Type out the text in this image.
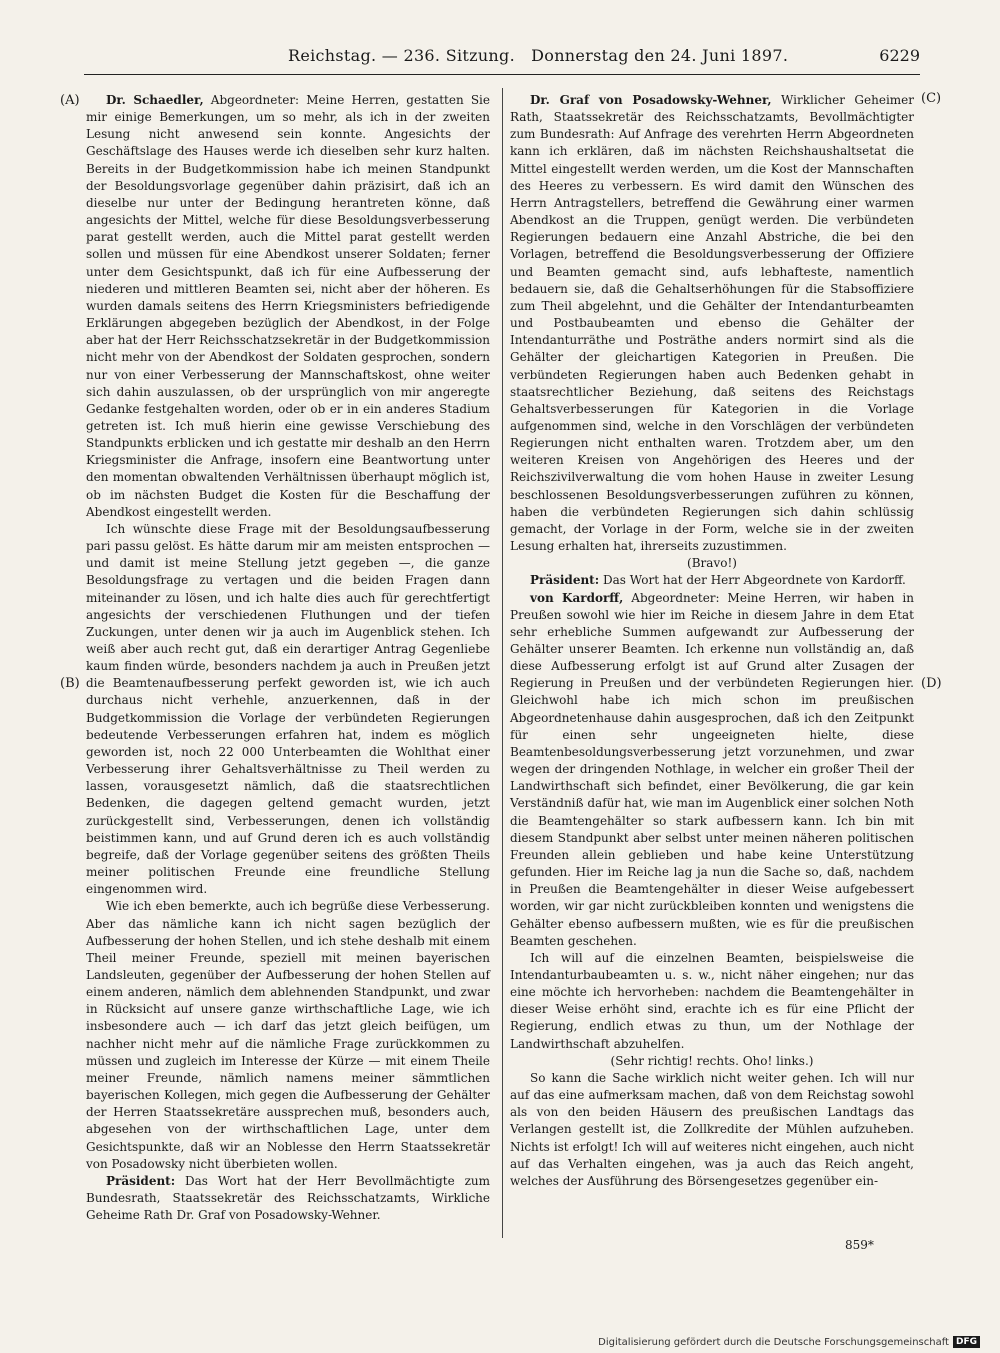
Reichstag. — 236. Sitzung. Donnerstag den 24. Juni 1897.	6229
(A)
(B)
(C)
(D)

Dr. Schaedler, Abgeordneter: Meine Herren, gestatten Sie mir einige Bemerkungen, um so mehr, als ich in der zweiten Lesung nicht anwesend sein konnte. Angesichts der Geschäftslage des Hauses werde ich dieselben sehr kurz halten. Bereits in der Budgetkommission habe ich meinen Standpunkt der Besoldungsvorlage gegenüber dahin präzisirt, daß ich an dieselbe nur unter der Bedingung herantreten könne, daß angesichts der Mittel, welche für diese Besoldungsverbesserung parat gestellt werden, auch die Mittel parat gestellt werden sollen und müssen für eine Abendkost unserer Soldaten; ferner unter dem Gesichtspunkt, daß ich für eine Aufbesserung der niederen und mittleren Beamten sei, nicht aber der höheren. Es wurden damals seitens des Herrn Kriegsministers befriedigende Erklärungen abgegeben bezüglich der Abendkost, in der Folge aber hat der Herr Reichsschatzsekretär in der Budgetkommission nicht mehr von der Abendkost der Soldaten gesprochen, sondern nur von einer Verbesserung der Mannschaftskost, ohne weiter sich dahin auszulassen, ob der ursprünglich von mir angeregte Gedanke festgehalten worden, oder ob er in ein anderes Stadium getreten ist. Ich muß hierin eine gewisse Verschiebung des Standpunkts erblicken und ich gestatte mir deshalb an den Herrn Kriegsminister die Anfrage, insofern eine Beantwortung unter den momentan obwaltenden Verhältnissen überhaupt möglich ist, ob im nächsten Budget die Kosten für die Beschaffung der Abendkost eingestellt werden.

Ich wünschte diese Frage mit der Besoldungsaufbesserung pari passu gelöst. Es hätte darum mir am meisten entsprochen — und damit ist meine Stellung jetzt gegeben —, die ganze Besoldungsfrage zu vertagen und die beiden Fragen dann miteinander zu lösen, und ich halte dies auch für gerechtfertigt angesichts der verschiedenen Fluthungen und der tiefen Zuckungen, unter denen wir ja auch im Augenblick stehen. Ich weiß aber auch recht gut, daß ein derartiger Antrag Gegenliebe kaum finden würde, besonders nachdem ja auch in Preußen jetzt die Beamtenaufbesserung perfekt geworden ist, wie ich auch durchaus nicht verhehle, anzuerkennen, daß in der Budgetkommission die Vorlage der verbündeten Regierungen bedeutende Verbesserungen erfahren hat, indem es möglich geworden ist, noch 22 000 Unterbeamten die Wohlthat einer Verbesserung ihrer Gehaltsverhältnisse zu Theil werden zu lassen, vorausgesetzt nämlich, daß die staatsrechtlichen Bedenken, die dagegen geltend gemacht wurden, jetzt zurückgestellt sind, Verbesserungen, denen ich vollständig beistimmen kann, und auf Grund deren ich es auch vollständig begreife, daß der Vorlage gegenüber seitens des größten Theils meiner politischen Freunde eine freundliche Stellung eingenommen wird.

Wie ich eben bemerkte, auch ich begrüße diese Verbesserung. Aber das nämliche kann ich nicht sagen bezüglich der Aufbesserung der hohen Stellen, und ich stehe deshalb mit einem Theil meiner Freunde, speziell mit meinen bayerischen Landsleuten, gegenüber der Aufbesserung der hohen Stellen auf einem anderen, nämlich dem ablehnenden Standpunkt, und zwar in Rücksicht auf unsere ganze wirthschaftliche Lage, wie ich insbesondere auch — ich darf das jetzt gleich beifügen, um nachher nicht mehr auf die nämliche Frage zurückkommen zu müssen und zugleich im Interesse der Kürze — mit einem Theile meiner Freunde, nämlich namens meiner sämmtlichen bayerischen Kollegen, mich gegen die Aufbesserung der Gehälter der Herren Staatssekretäre aussprechen muß, besonders auch, abgesehen von der wirthschaftlichen Lage, unter dem Gesichtspunkte, daß wir an Noblesse den Herrn Staatssekretär von Posadowsky nicht überbieten wollen.

Präsident: Das Wort hat der Herr Bevollmächtigte zum Bundesrath, Staatssekretär des Reichsschatzamts, Wirkliche Geheime Rath Dr. Graf von Posadowsky-Wehner.

Dr. Graf von Posadowsky-Wehner, Wirklicher Geheimer Rath, Staatssekretär des Reichsschatzamts, Bevollmächtigter zum Bundesrath: Auf Anfrage des verehrten Herrn Abgeordneten kann ich erklären, daß im nächsten Reichshaushaltsetat die Mittel eingestellt werden werden, um die Kost der Mannschaften des Heeres zu verbessern. Es wird damit den Wünschen des Herrn Antragstellers, betreffend die Gewährung einer warmen Abendkost an die Truppen, genügt werden. Die verbündeten Regierungen bedauern eine Anzahl Abstriche, die bei den Vorlagen, betreffend die Besoldungsverbesserung der Offiziere und Beamten gemacht sind, aufs lebhafteste, namentlich bedauern sie, daß die Gehaltserhöhungen für die Stabsoffiziere zum Theil abgelehnt, und die Gehälter der Intendanturbeamten und Postbaubeamten und ebenso die Gehälter der Intendanturräthe und Posträthe anders normirt sind als die Gehälter der gleichartigen Kategorien in Preußen. Die verbündeten Regierungen haben auch Bedenken gehabt in staatsrechtlicher Beziehung, daß seitens des Reichstags Gehaltsverbesserungen für Kategorien in die Vorlage aufgenommen sind, welche in den Vorschlägen der verbündeten Regierungen nicht enthalten waren. Trotzdem aber, um den weiteren Kreisen von Angehörigen des Heeres und der Reichszivilverwaltung die vom hohen Hause in zweiter Lesung beschlossenen Besoldungsverbesserungen zuführen zu können, haben die verbündeten Regierungen sich dahin schlüssig gemacht, der Vorlage in der Form, welche sie in der zweiten Lesung erhalten hat, ihrerseits zuzustimmen.

(Bravo!)

Präsident: Das Wort hat der Herr Abgeordnete von Kardorff.

von Kardorff, Abgeordneter: Meine Herren, wir haben in Preußen sowohl wie hier im Reiche in diesem Jahre in dem Etat sehr erhebliche Summen aufgewandt zur Aufbesserung der Gehälter unserer Beamten. Ich erkenne nun vollständig an, daß diese Aufbesserung erfolgt ist auf Grund alter Zusagen der Regierung in Preußen und der verbündeten Regierungen hier. Gleichwohl habe ich mich schon im preußischen Abgeordnetenhause dahin ausgesprochen, daß ich den Zeitpunkt für einen sehr ungeeigneten hielte, diese Beamtenbesoldungsverbesserung jetzt vorzunehmen, und zwar wegen der dringenden Nothlage, in welcher ein großer Theil der Landwirthschaft sich befindet, einer Bevölkerung, die gar kein Verständniß dafür hat, wie man im Augenblick einer solchen Noth die Beamtengehälter so stark aufbessern kann. Ich bin mit diesem Standpunkt aber selbst unter meinen näheren politischen Freunden allein geblieben und habe keine Unterstützung gefunden. Hier im Reiche lag ja nun die Sache so, daß, nachdem in Preußen die Beamtengehälter in dieser Weise aufgebessert worden, wir gar nicht zurückbleiben konnten und wenigstens die Gehälter ebenso aufbessern mußten, wie es für die preußischen Beamten geschehen.

Ich will auf die einzelnen Beamten, beispielsweise die Intendanturbaubeamten u. s. w., nicht näher eingehen; nur das eine möchte ich hervorheben: nachdem die Beamtengehälter in dieser Weise erhöht sind, erachte ich es für eine Pflicht der Regierung, endlich etwas zu thun, um der Nothlage der Landwirthschaft abzuhelfen.

(Sehr richtig! rechts. Oho! links.)

So kann die Sache wirklich nicht weiter gehen. Ich will nur auf das eine aufmerksam machen, daß von dem Reichstag sowohl als von den beiden Häusern des preußischen Landtags das Verlangen gestellt ist, die Zollkredite der Mühlen aufzuheben. Nichts ist erfolgt! Ich will auf weiteres nicht eingehen, auch nicht auf das Verhalten eingehen, was ja auch das Reich angeht, welches der Ausführung des Börsengesetzes gegenüber ein-

859*
Digitalisierung gefördert durch die Deutsche Forschungsgemeinschaft DFG
